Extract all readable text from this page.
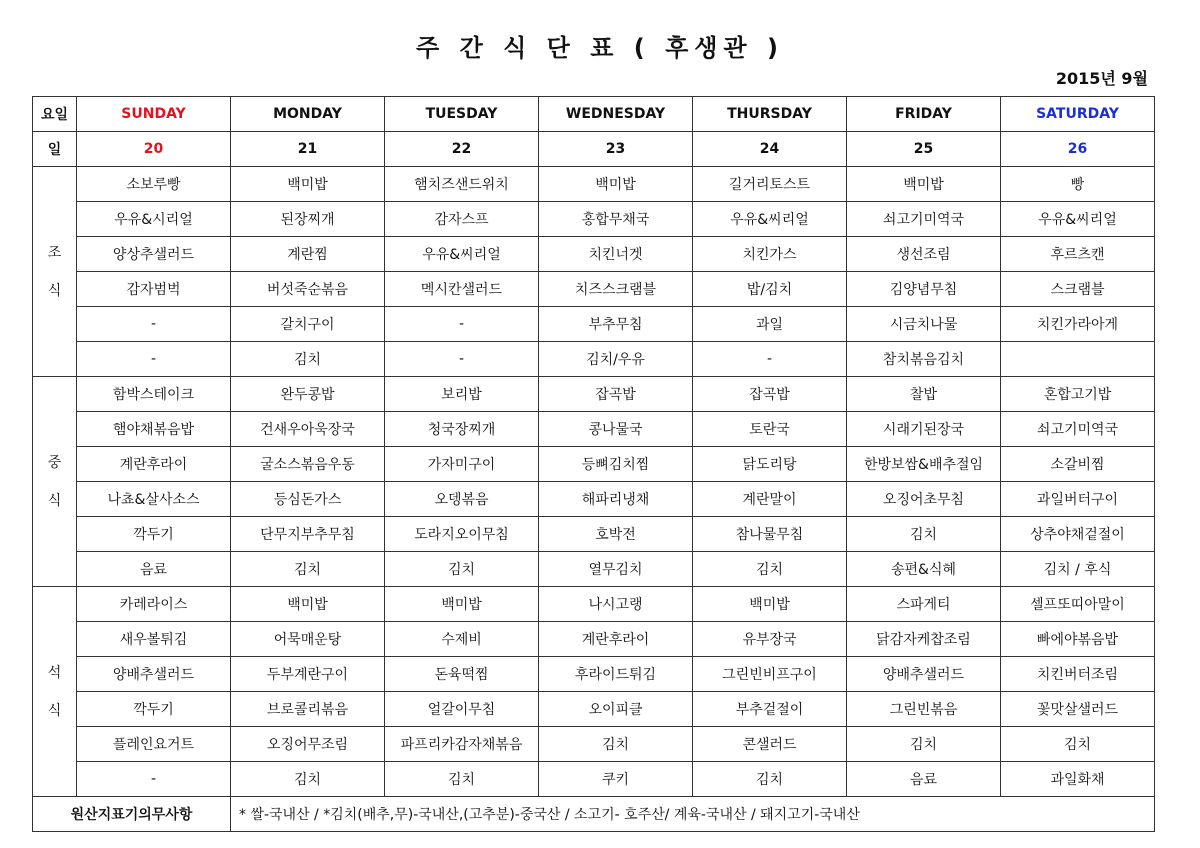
주 간 식 단 표 ( 후생관 )
2015년 9월
요일	SUNDAY	MONDAY	TUESDAY	WEDNESDAY	THURSDAY	FRIDAY	SATURDAY
일	20	21	22	23	24	25	26

조
식	소보루빵	백미밥	햄치즈샌드위치	백미밥	길거리토스트	백미밥	빵
	우유&시리얼	된장찌개	감자스프	홍합무채국	우유&씨리얼	쇠고기미역국	우유&씨리얼
	양상추샐러드	계란찜	우유&씨리얼	치킨너겟	치킨가스	생선조림	후르츠캔
	감자범벅	버섯죽순볶음	멕시칸샐러드	치즈스크램블	밥/김치	김양념무침	스크램블
	-	갈치구이	-	부추무침	과일	시금치나물	치킨가라아게
	-	김치	-	김치/우유	-	참치볶음김치	

중
식	함박스테이크	완두콩밥	보리밥	잡곡밥	잡곡밥	찰밥	혼합고기밥
	햄야채볶음밥	건새우아욱장국	청국장찌개	콩나물국	토란국	시래기된장국	쇠고기미역국
	계란후라이	굴소스볶음우동	가자미구이	등뼈김치찜	닭도리탕	한방보쌈&배추절임	소갈비찜
	나쵸&살사소스	등심돈가스	오뎅볶음	해파리냉채	계란말이	오징어초무침	과일버터구이
	깍두기	단무지부추무침	도라지오이무침	호박전	참나물무침	김치	상추야채겉절이
	음료	김치	김치	열무김치	김치	송편&식혜	김치 / 후식

석
식	카레라이스	백미밥	백미밥	나시고랭	백미밥	스파게티	셀프또띠아말이
	새우볼튀김	어묵매운탕	수제비	계란후라이	유부장국	닭감자케찹조림	빠에야볶음밥
	양배추샐러드	두부계란구이	돈육떡찜	후라이드튀김	그린빈비프구이	양배추샐러드	치킨버터조림
	깍두기	브로콜리볶음	얼갈이무침	오이피클	부추겉절이	그린빈볶음	꽃맛살샐러드
	플레인요거트	오징어무조림	파프리카감자채볶음	김치	콘샐러드	김치	김치
	-	김치	김치	쿠키	김치	음료	과일화채
원산지표기의무사항		* 쌀-국내산 / *김치(배추,무)-국내산,(고추분)-중국산 / 소고기- 호주산/ 계육-국내산 / 돼지고기-국내산					
